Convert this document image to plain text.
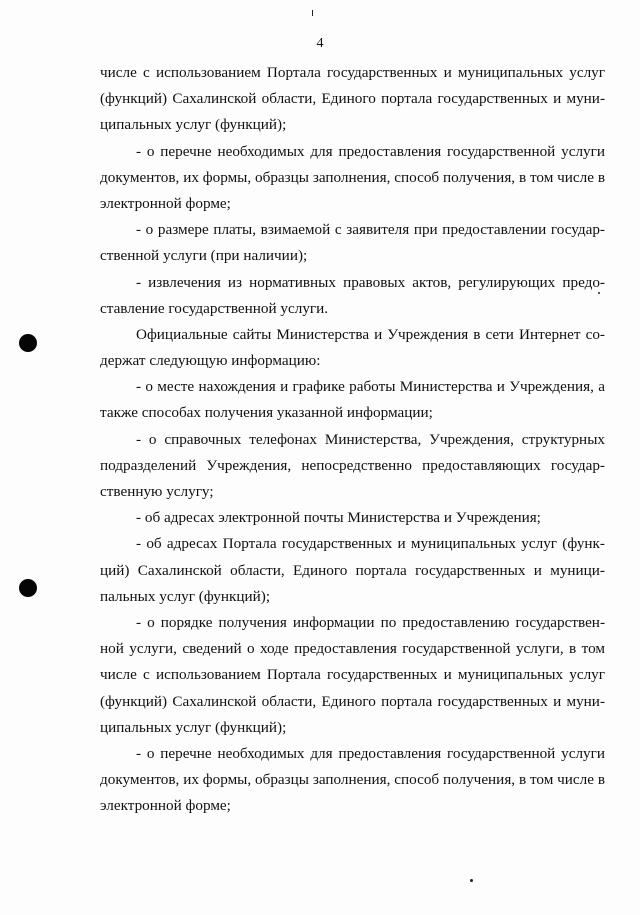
4
числе с использованием Портала государственных и муниципальных услуг
(функций) Сахалинской области, Единого портала государственных и муни-
ципальных услуг (функций);
- о перечне необходимых для предоставления государственной услуги
документов, их формы, образцы заполнения, способ получения, в том числе в
электронной форме;
- о размере платы, взимаемой с заявителя при предоставлении государ-
ственной услуги (при наличии);
- извлечения из нормативных правовых актов, регулирующих предо-
ставление государственной услуги.
Официальные сайты Министерства и Учреждения в сети Интернет со-
держат следующую информацию:
- о месте нахождения и графике работы Министерства и Учреждения, а
также способах получения указанной информации;
- о справочных телефонах Министерства, Учреждения, структурных
подразделений Учреждения, непосредственно предоставляющих государ-
ственную услугу;
- об адресах электронной почты Министерства и Учреждения;
- об адресах Портала государственных и муниципальных услуг (функ-
ций) Сахалинской области, Единого портала государственных и муници-
пальных услуг (функций);
- о порядке получения информации по предоставлению государствен-
ной услуги, сведений о ходе предоставления государственной услуги, в том
числе с использованием Портала государственных и муниципальных услуг
(функций) Сахалинской области, Единого портала государственных и муни-
ципальных услуг (функций);
- о перечне необходимых для предоставления государственной услуги
документов, их формы, образцы заполнения, способ получения, в том числе в
электронной форме;
